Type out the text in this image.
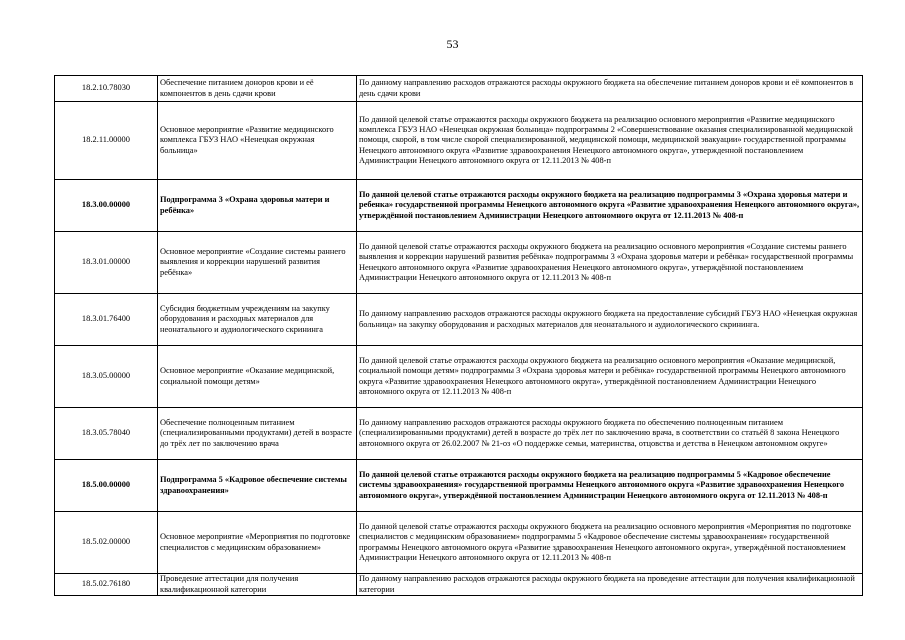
53
18.2.10.78030	Обеспечение питанием доноров крови и её компонентов в день сдачи крови	По данному направлению расходов отражаются расходы окружного бюджета на обеспечение питанием доноров крови и её компонентов в день сдачи крови
18.2.11.00000	Основное мероприятие «Развитие медицинского комплекса ГБУЗ НАО «Ненецкая окружная больница»	По данной целевой статье отражаются расходы окружного бюджета на реализацию основного мероприятия «Развитие медицинского комплекса ГБУЗ НАО «Ненецкая окружная больница» подпрограммы 2 «Совершенствование оказания специализированной медицинской помощи, скорой, в том числе скорой специализированной, медицинской помощи, медицинской эвакуации» государственной программы Ненецкого автономного округа «Развитие здравоохранения Ненецкого автономного округа», утвержденной постановлением Администрации Ненецкого автономного округа от 12.11.2013 № 408-п
18.3.00.00000	Подпрограмма 3 «Охрана здоровья матери и ребёнка»	По данной целевой статье отражаются расходы окружного бюджета на реализацию подпрограммы 3 «Охрана здоровья матери и ребенка» государственной программы Ненецкого автономного округа «Развитие здравоохранения Ненецкого автономного округа», утверждённой постановлением Администрации Ненецкого автономного округа от 12.11.2013 № 408-п
18.3.01.00000	Основное мероприятие «Создание системы раннего выявления и коррекции нарушений развития ребёнка»	По данной целевой статье отражаются расходы окружного бюджета на реализацию основного мероприятия «Создание системы раннего выявления и коррекции нарушений развития ребёнка» подпрограммы 3 «Охрана здоровья матери и ребёнка» государственной программы Ненецкого автономного округа «Развитие здравоохранения Ненецкого автономного округа», утверждённой постановлением Администрации Ненецкого автономного округа от 12.11.2013 № 408-п
18.3.01.76400	Субсидия бюджетным учреждениям на закупку оборудования и расходных материалов для неонатального и аудиологического скрининга	По данному направлению расходов отражаются расходы окружного бюджета на предоставление субсидий ГБУЗ НАО «Ненецкая окружная больница» на закупку оборудования и расходных материалов для неонатального и аудиологического скрининга.
18.3.05.00000	Основное мероприятие «Оказание медицинской, социальной помощи детям»	По данной целевой статье отражаются расходы окружного бюджета на реализацию основного мероприятия «Оказание медицинской, социальной помощи детям» подпрограммы 3 «Охрана здоровья матери и ребёнка» государственной программы Ненецкого автономного округа «Развитие здравоохранения Ненецкого автономного округа», утверждённой постановлением Администрации Ненецкого автономного округа от 12.11.2013 № 408-п
18.3.05.78040	Обеспечение полноценным питанием (специализированными продуктами) детей в возрасте до трёх лет по заключению врача	По данному направлению расходов отражаются расходы окружного бюджета по обеспечению полноценным питанием (специализированными продуктами) детей в возрасте до трёх лет по заключению врача, в соответствии со статьёй 8 закона Ненецкого автономного округа от 26.02.2007 № 21-оз «О поддержке семьи, материнства, отцовства и детства в Ненецком автономном округе»
18.5.00.00000	Подпрограмма 5 «Кадровое обеспечение системы здравоохранения»	По данной целевой статье отражаются расходы окружного бюджета на реализацию подпрограммы 5 «Кадровое обеспечение системы здравоохранения» государственной программы Ненецкого автономного округа «Развитие здравоохранения Ненецкого автономного округа», утверждённой постановлением Администрации Ненецкого автономного округа от 12.11.2013 № 408-п
18.5.02.00000	Основное мероприятие «Мероприятия по подготовке специалистов с медицинским образованием»	По данной целевой статье отражаются расходы окружного бюджета на реализацию основного мероприятия «Мероприятия по подготовке специалистов с медицинским образованием» подпрограммы 5 «Кадровое обеспечение системы здравоохранения» государственной программы Ненецкого автономного округа «Развитие здравоохранения Ненецкого автономного округа», утверждённой постановлением Администрации Ненецкого автономного округа от 12.11.2013 № 408-п
18.5.02.76180	Проведение аттестации для получения квалификационной категории	По данному направлению расходов отражаются расходы окружного бюджета на проведение аттестации для получения квалификационной категории
